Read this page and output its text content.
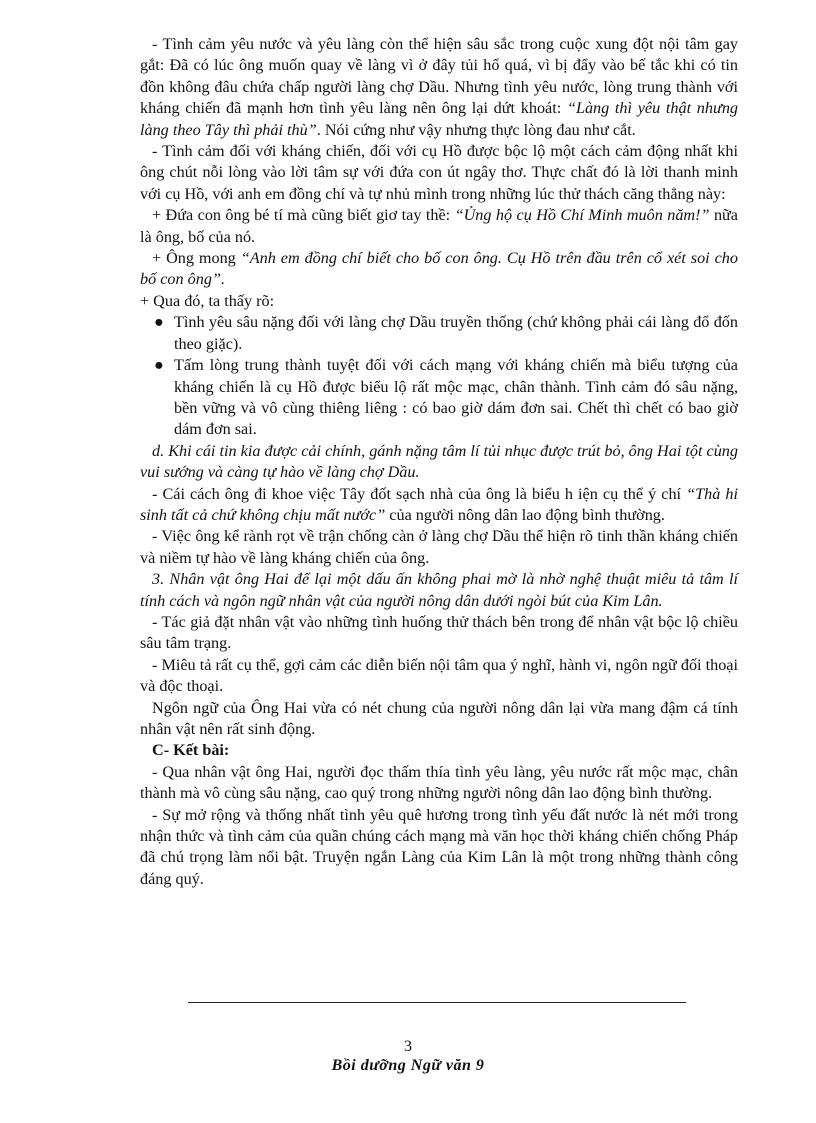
- Tình cảm yêu nước và yêu làng còn thể hiện sâu sắc trong cuộc xung đột nội tâm gay gắt: Đã có lúc ông muốn quay về làng vì ở đây tủi hổ quá, vì bị đẩy vào bế tắc khi có tin đồn không đâu chứa chấp người làng chợ Dầu. Nhưng tình yêu nước, lòng trung thành với kháng chiến đã mạnh hơn tình yêu làng nên ông lại dứt khoát: “Làng thì yêu thật nhưng làng theo Tây thì phải thù”. Nói cứng như vậy nhưng thực lòng đau như cắt.

- Tình cảm đối với kháng chiến, đối với cụ Hồ được bộc lộ một cách cảm động nhất khi ông chút nỗi lòng vào lời tâm sự với đứa con út ngây thơ. Thực chất đó là lời thanh minh với cụ Hồ, với anh em đồng chí và tự nhủ mình trong những lúc thử thách căng thẳng này:

+ Đứa con ông bé tí mà cũng biết giơ tay thề: “Ủng hộ cụ Hồ Chí Minh muôn năm!” nữa là ông, bố của nó.

+ Ông mong “Anh em đồng chí biết cho bố con ông. Cụ Hồ trên đầu trên cổ xét soi cho bố con ông”.

+ Qua đó, ta thấy rõ:

● Tình yêu sâu nặng đối với làng chợ Dầu truyền thống (chứ không phải cái làng đổ đốn theo giặc).
● Tấm lòng trung thành tuyệt đối với cách mạng với kháng chiến mà biểu tượng của kháng chiến là cụ Hồ được biểu lộ rất mộc mạc, chân thành. Tình cảm đó sâu nặng, bền vững và vô cùng thiêng liêng : có bao giờ dám đơn sai. Chết thì chết có bao giờ dám đơn sai.

d. Khi cái tin kia được cải chính, gánh nặng tâm lí tủi nhục được trút bỏ, ông Hai tột cùng vui sướng và càng tự hào về làng chợ Dầu.

- Cái cách ông đi khoe việc Tây đốt sạch nhà của ông là biểu h iện cụ thể ý chí “Thà hi sinh tất cả chứ không chịu mất nước” của người nông dân lao động bình thường.

- Việc ông kể rành rọt về trận chống càn ở làng chợ Dầu thể hiện rõ tinh thần kháng chiến và niềm tự hào về làng kháng chiến của ông.

3. Nhân vật ông Hai để lại một dấu ấn không phai mờ là nhờ nghệ thuật miêu tả tâm lí tính cách và ngôn ngữ nhân vật của người nông dân dưới ngòi bút của Kim Lân.

- Tác giả đặt nhân vật vào những tình huống thử thách bên trong để nhân vật bộc lộ chiều sâu tâm trạng.

- Miêu tả rất cụ thể, gợi cảm các diễn biến nội tâm qua ý nghĩ, hành vi, ngôn ngữ đối thoại và độc thoại.

Ngôn ngữ của Ông Hai vừa có nét chung của người nông dân lại vừa mang đậm cá tính nhân vật nên rất sinh động.

C- Kết bài:

- Qua nhân vật ông Hai, người đọc thấm thía tình yêu làng, yêu nước rất mộc mạc, chân thành mà vô cùng sâu nặng, cao quý trong những người nông dân lao động bình thường.

- Sự mở rộng và thống nhất tình yêu quê hương trong tình yếu đất nước là nét mới trong nhận thức và tình cảm của quần chúng cách mạng mà văn học thời kháng chiến chống Pháp đã chú trọng làm nổi bật. Truyện ngắn Làng của Kim Lân là một trong những thành công đáng quý.

3
Bồi dưỡng Ngữ văn 9
